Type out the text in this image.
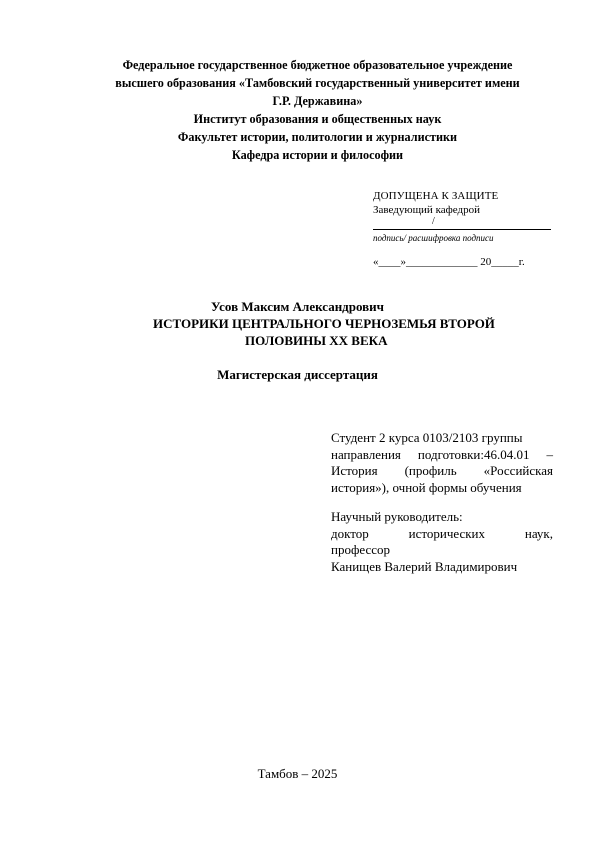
Федеральное государственное бюджетное образовательное учреждение
высшего образования «Тамбовский государственный университет имени
Г.Р. Державина»
Институт образования и общественных наук
Факультет истории, политологии и журналистики
Кафедра истории и философии
ДОПУЩЕНА К ЗАЩИТЕ
Заведующий кафедрой
/
подпись/ расшифровка подписи
«____»_____________ 20_____г.
Усов Максим Александрович
ИСТОРИКИ ЦЕНТРАЛЬНОГО ЧЕРНОЗЕМЬЯ ВТОРОЙ
ПОЛОВИНЫ XX ВЕКА
Магистерская диссертация
Студент 2 курса 0103/2103 группы
направления подготовки:46.04.01 –
История (профиль «Российская
история»), очной формы обучения
Научный руководитель:
доктор исторических наук,
профессор
Канищев Валерий Владимирович
Тамбов – 2025
